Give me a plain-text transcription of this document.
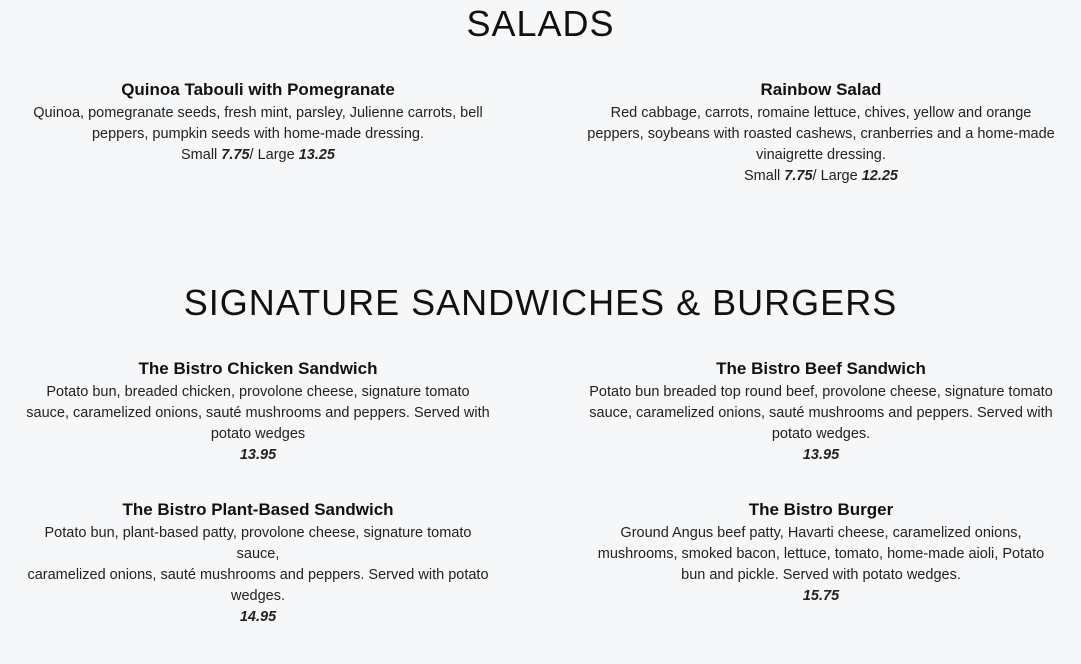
SALADS
Quinoa Tabouli with Pomegranate

Quinoa, pomegranate seeds, fresh mint, parsley, Julienne carrots, bell peppers, pumpkin seeds with home-made dressing.

Small 7.75/ Large 13.25
Rainbow Salad

Red cabbage, carrots, romaine lettuce, chives, yellow and orange peppers, soybeans with roasted cashews, cranberries and a home-made vinaigrette dressing.

Small 7.75/ Large 12.25
SIGNATURE SANDWICHES & BURGERS
The Bistro Chicken Sandwich

Potato bun, breaded chicken, provolone cheese, signature tomato sauce, caramelized onions, sauté mushrooms and peppers. Served with potato wedges

13.95
The Bistro Beef Sandwich

Potato bun breaded top round beef, provolone cheese, signature tomato sauce, caramelized onions, sauté mushrooms and peppers. Served with potato wedges.

13.95
The Bistro Plant-Based Sandwich

Potato bun, plant-based patty, provolone cheese, signature tomato sauce,

caramelized onions, sauté mushrooms and peppers. Served with potato wedges.

14.95
The Bistro Burger

Ground Angus beef patty, Havarti cheese, caramelized onions, mushrooms, smoked bacon, lettuce, tomato, home-made aioli, Potato bun and pickle. Served with potato wedges.

15.75
